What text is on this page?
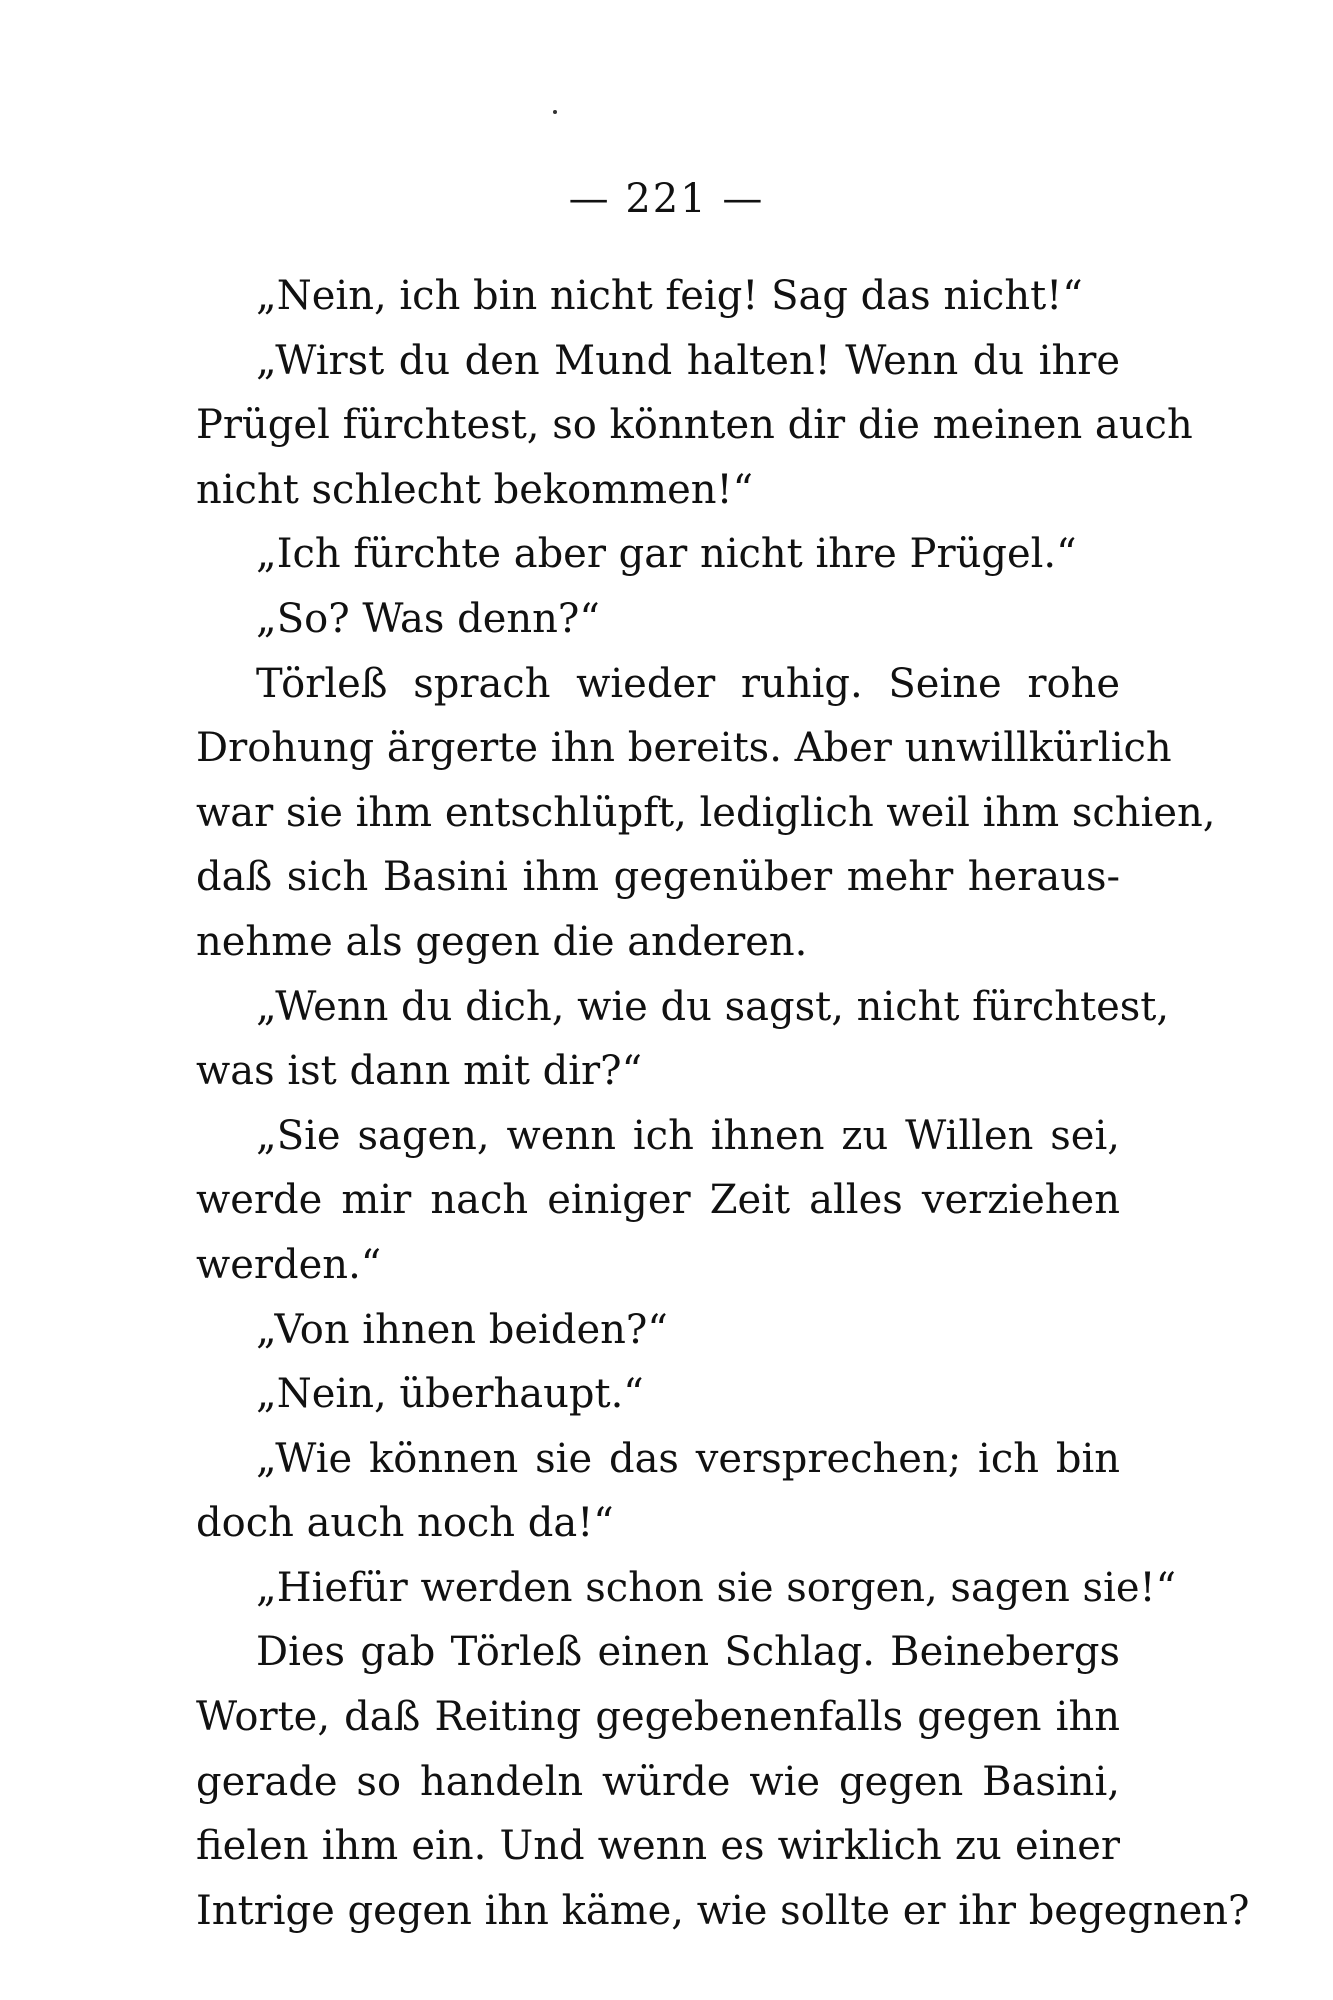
— 221 —
„Nein, ich bin nicht feig! Sag das nicht!“
„Wirst du den Mund halten! Wenn du ihre
Prügel fürchtest, so könnten dir die meinen auch
nicht schlecht bekommen!“
„Ich fürchte aber gar nicht ihre Prügel.“
„So? Was denn?“
Törleß sprach wieder ruhig. Seine rohe
Drohung ärgerte ihn bereits. Aber unwillkürlich
war sie ihm entschlüpft, lediglich weil ihm schien,
daß sich Basini ihm gegenüber mehr heraus-
nehme als gegen die anderen.
„Wenn du dich, wie du sagst, nicht fürchtest,
was ist dann mit dir?“
„Sie sagen, wenn ich ihnen zu Willen sei,
werde mir nach einiger Zeit alles verziehen
werden.“
„Von ihnen beiden?“
„Nein, überhaupt.“
„Wie können sie das versprechen; ich bin
doch auch noch da!“
„Hiefür werden schon sie sorgen, sagen sie!“
Dies gab Törleß einen Schlag. Beinebergs
Worte, daß Reiting gegebenenfalls gegen ihn
gerade so handeln würde wie gegen Basini,
fielen ihm ein. Und wenn es wirklich zu einer
Intrige gegen ihn käme, wie sollte er ihr begegnen?
